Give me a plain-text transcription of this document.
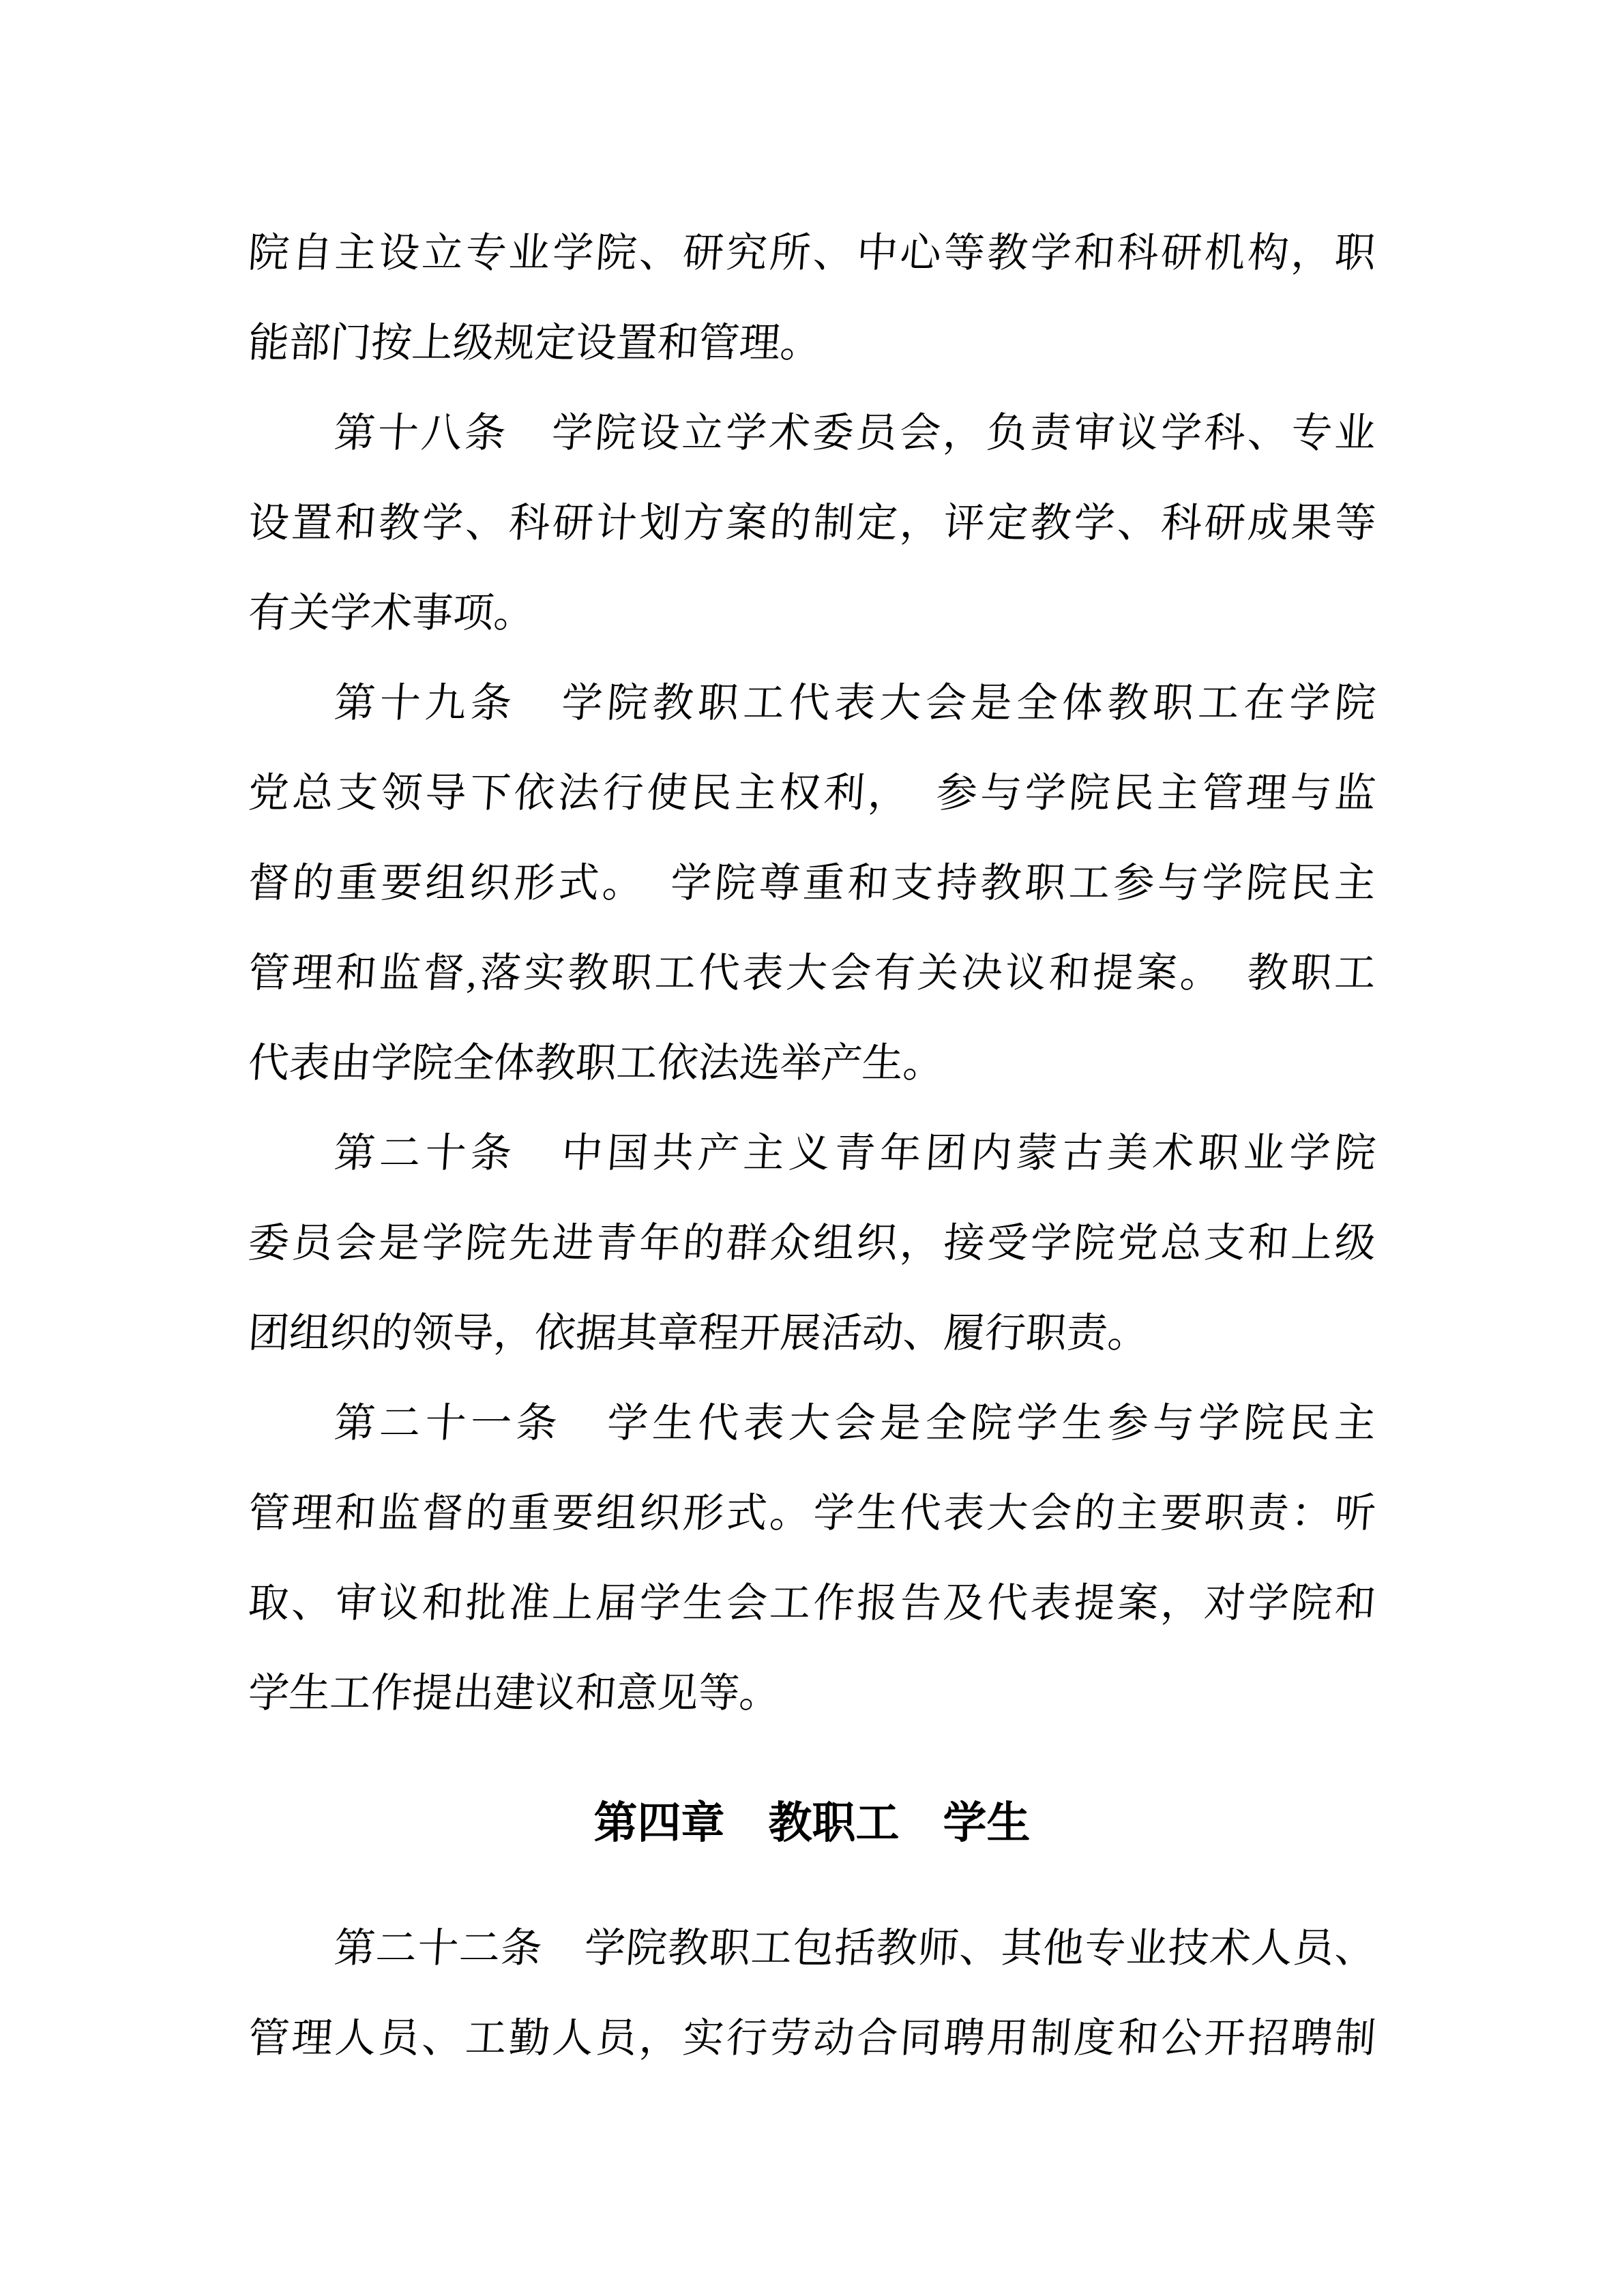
院自主设立专业学院、研究所、中心等教学和科研机构，职
能部门按上级规定设置和管理。
第十八条　学院设立学术委员会，负责审议学科、专业
设置和教学、科研计划方案的制定，评定教学、科研成果等
有关学术事项。
第十九条　学院教职工代表大会是全体教职工在学院
党总支领导下依法行使民主权利，　参与学院民主管理与监
督的重要组织形式。　学院尊重和支持教职工参与学院民主
管理和监督,落实教职工代表大会有关决议和提案。　教职工
代表由学院全体教职工依法选举产生。
第二十条　中国共产主义青年团内蒙古美术职业学院
委员会是学院先进青年的群众组织，接受学院党总支和上级
团组织的领导，依据其章程开展活动、履行职责。
第二十一条　学生代表大会是全院学生参与学院民主
管理和监督的重要组织形式。学生代表大会的主要职责：听
取、审议和批准上届学生会工作报告及代表提案，对学院和
学生工作提出建议和意见等。
第四章　教职工　学生
第二十二条　学院教职工包括教师、其他专业技术人员、
管理人员、工勤人员，实行劳动合同聘用制度和公开招聘制
